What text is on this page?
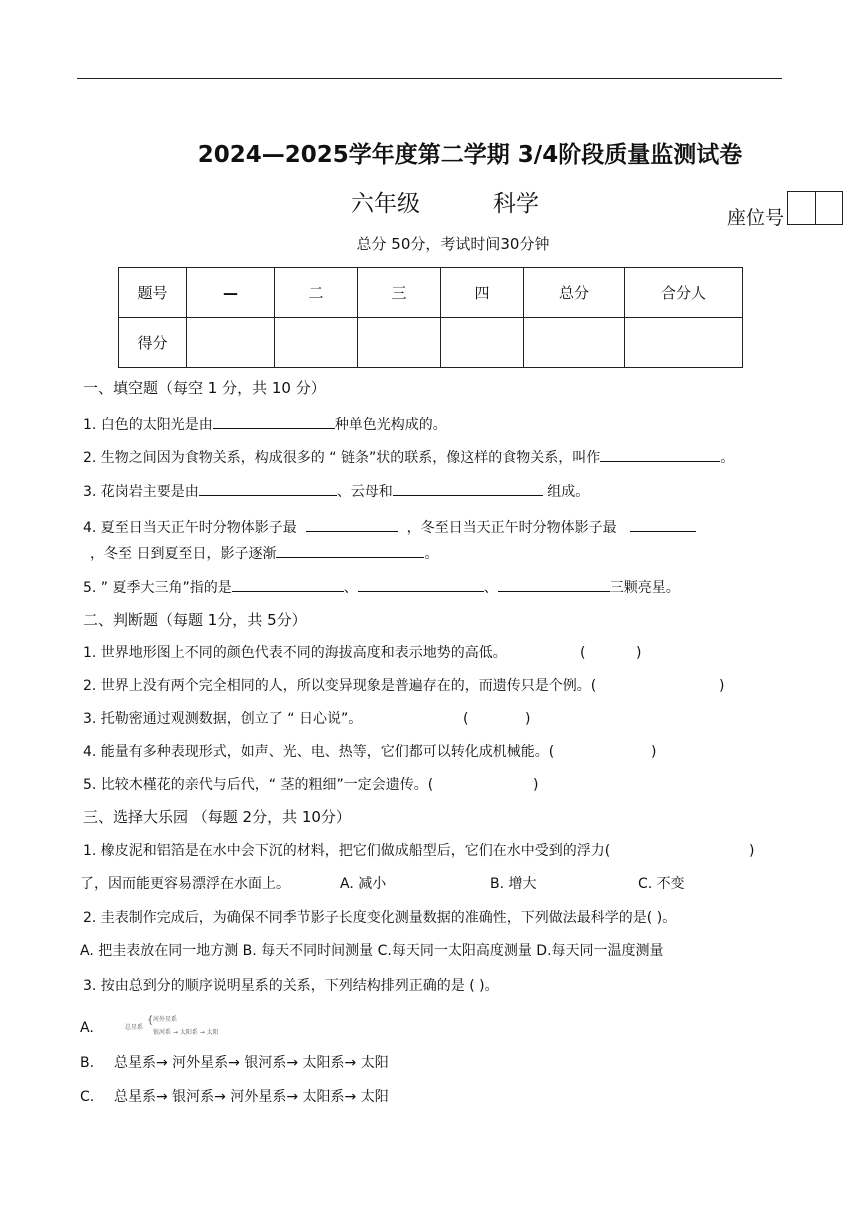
2024—2025学年度第二学期 3/4阶段质量监测试卷
六年级	科学
座位号
总分 50分，考试时间30分钟
题号	—	二	三	四	总分	合分人
得分						
一、填空题（每空 1 分，共 10 分）
1. 白色的太阳光是由	种单色光构成的。
2. 生物之间因为食物关系，构成很多的 “ 链条”状的联系，像这样的食物关系，叫作	。
3. 花岗岩主要是由	、云母和	组成。
4. 夏至日当天正午时分物体影子最	，冬至日当天正午时分物体影子最
，冬至 日到夏至日，影子逐渐	。
5. ” 夏季大三角”指的是	、	、	三颗亮星。
二、判断题（每题 1分，共 5分）
1. 世界地形图上不同的颜色代表不同的海拔高度和表示地势的高低。	(	)
2. 世界上没有两个完全相同的人，所以变异现象是普遍存在的，而遗传只是个例。(	)
3. 托勒密通过观测数据，创立了 “ 日心说”。	(	)
4. 能量有多种表现形式，如声、光、电、热等，它们都可以转化成机械能。(	)
5. 比较木槿花的亲代与后代，“ 茎的粗细”一定会遗传。(	)
三、选择大乐园 （每题 2分，共 10分）
1. 橡皮泥和铝箔是在水中会下沉的材料，把它们做成船型后，它们在水中受到的浮力(	)
了，因而能更容易漂浮在水面上。	A. 减小	B. 增大	C. 不变
2. 圭表制作完成后，为确保不同季节影子长度变化测量数据的准确性，下列做法最科学的是( )。
A. 把圭表放在同一地方测 B. 每天不同时间测量 C.每天同一太阳高度测量 D.每天同一温度测量
3. 按由总到分的顺序说明星系的关系，下列结构排列正确的是 ( )。
A.	总星系
{ 河外星系
银河系 → 太阳系 → 太阳
B. 总星系→ 河外星系→ 银河系→ 太阳系→ 太阳
C. 总星系→ 银河系→ 河外星系→ 太阳系→ 太阳
